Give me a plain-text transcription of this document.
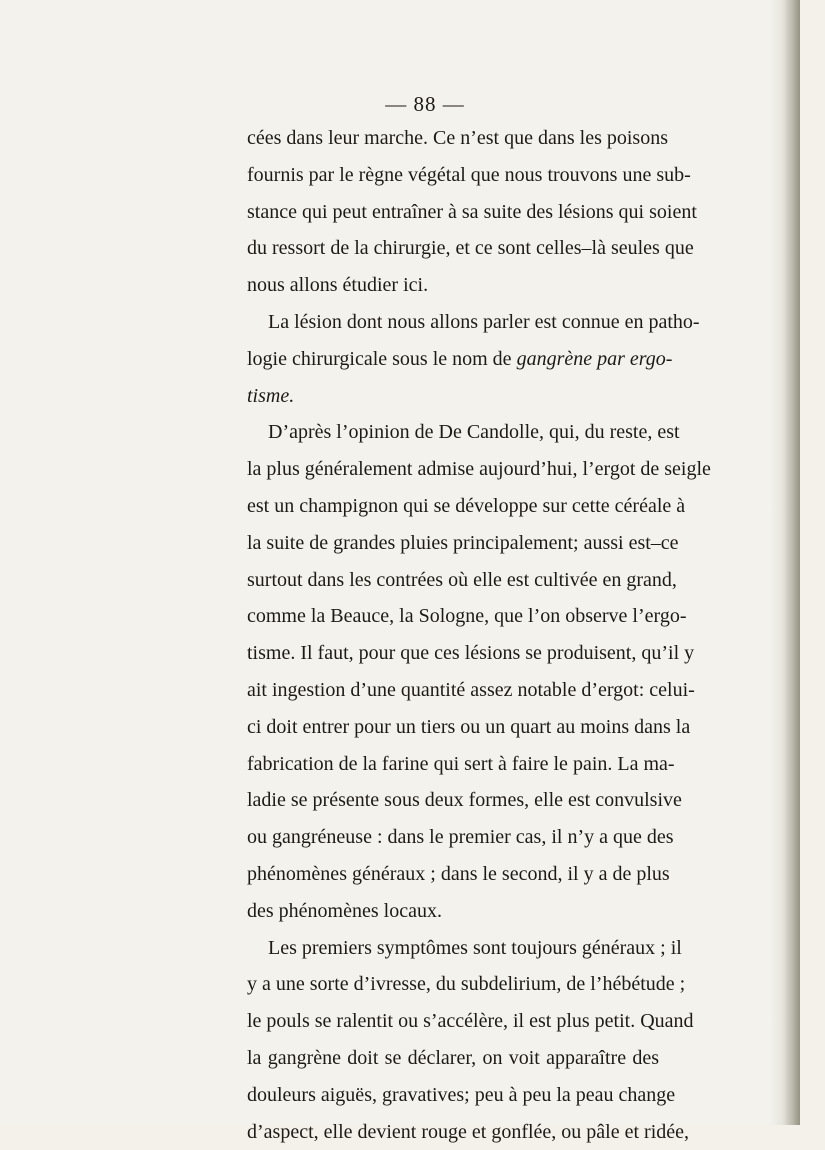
— 88 —
cées dans leur marche. Ce n’est que dans les poisons
fournis par le règne végétal que nous trouvons une sub-
stance qui peut entraîner à sa suite des lésions qui soient
du ressort de la chirurgie, et ce sont celles–là seules que
nous allons étudier ici.
La lésion dont nous allons parler est connue en patho-
logie chirurgicale sous le nom de gangrène par ergo-
tisme.
D’après l’opinion de De Candolle, qui, du reste, est
la plus généralement admise aujourd’hui, l’ergot de seigle
est un champignon qui se développe sur cette céréale à
la suite de grandes pluies principalement; aussi est–ce
surtout dans les contrées où elle est cultivée en grand,
comme la Beauce, la Sologne, que l’on observe l’ergo-
tisme. Il faut, pour que ces lésions se produisent, qu’il y
ait ingestion d’une quantité assez notable d’ergot: celui-
ci doit entrer pour un tiers ou un quart au moins dans la
fabrication de la farine qui sert à faire le pain. La ma-
ladie se présente sous deux formes, elle est convulsive
ou gangréneuse : dans le premier cas, il n’y a que des
phénomènes généraux ; dans le second, il y a de plus
des phénomènes locaux.
Les premiers symptômes sont toujours généraux ; il
y a une sorte d’ivresse, du subdelirium, de l’hébétude ;
le pouls se ralentit ou s’accélère, il est plus petit. Quand
la gangrène doit se déclarer, on voit apparaître des
douleurs aiguës, gravatives; peu à peu la peau change
d’aspect, elle devient rouge et gonflée, ou pâle et ridée,
